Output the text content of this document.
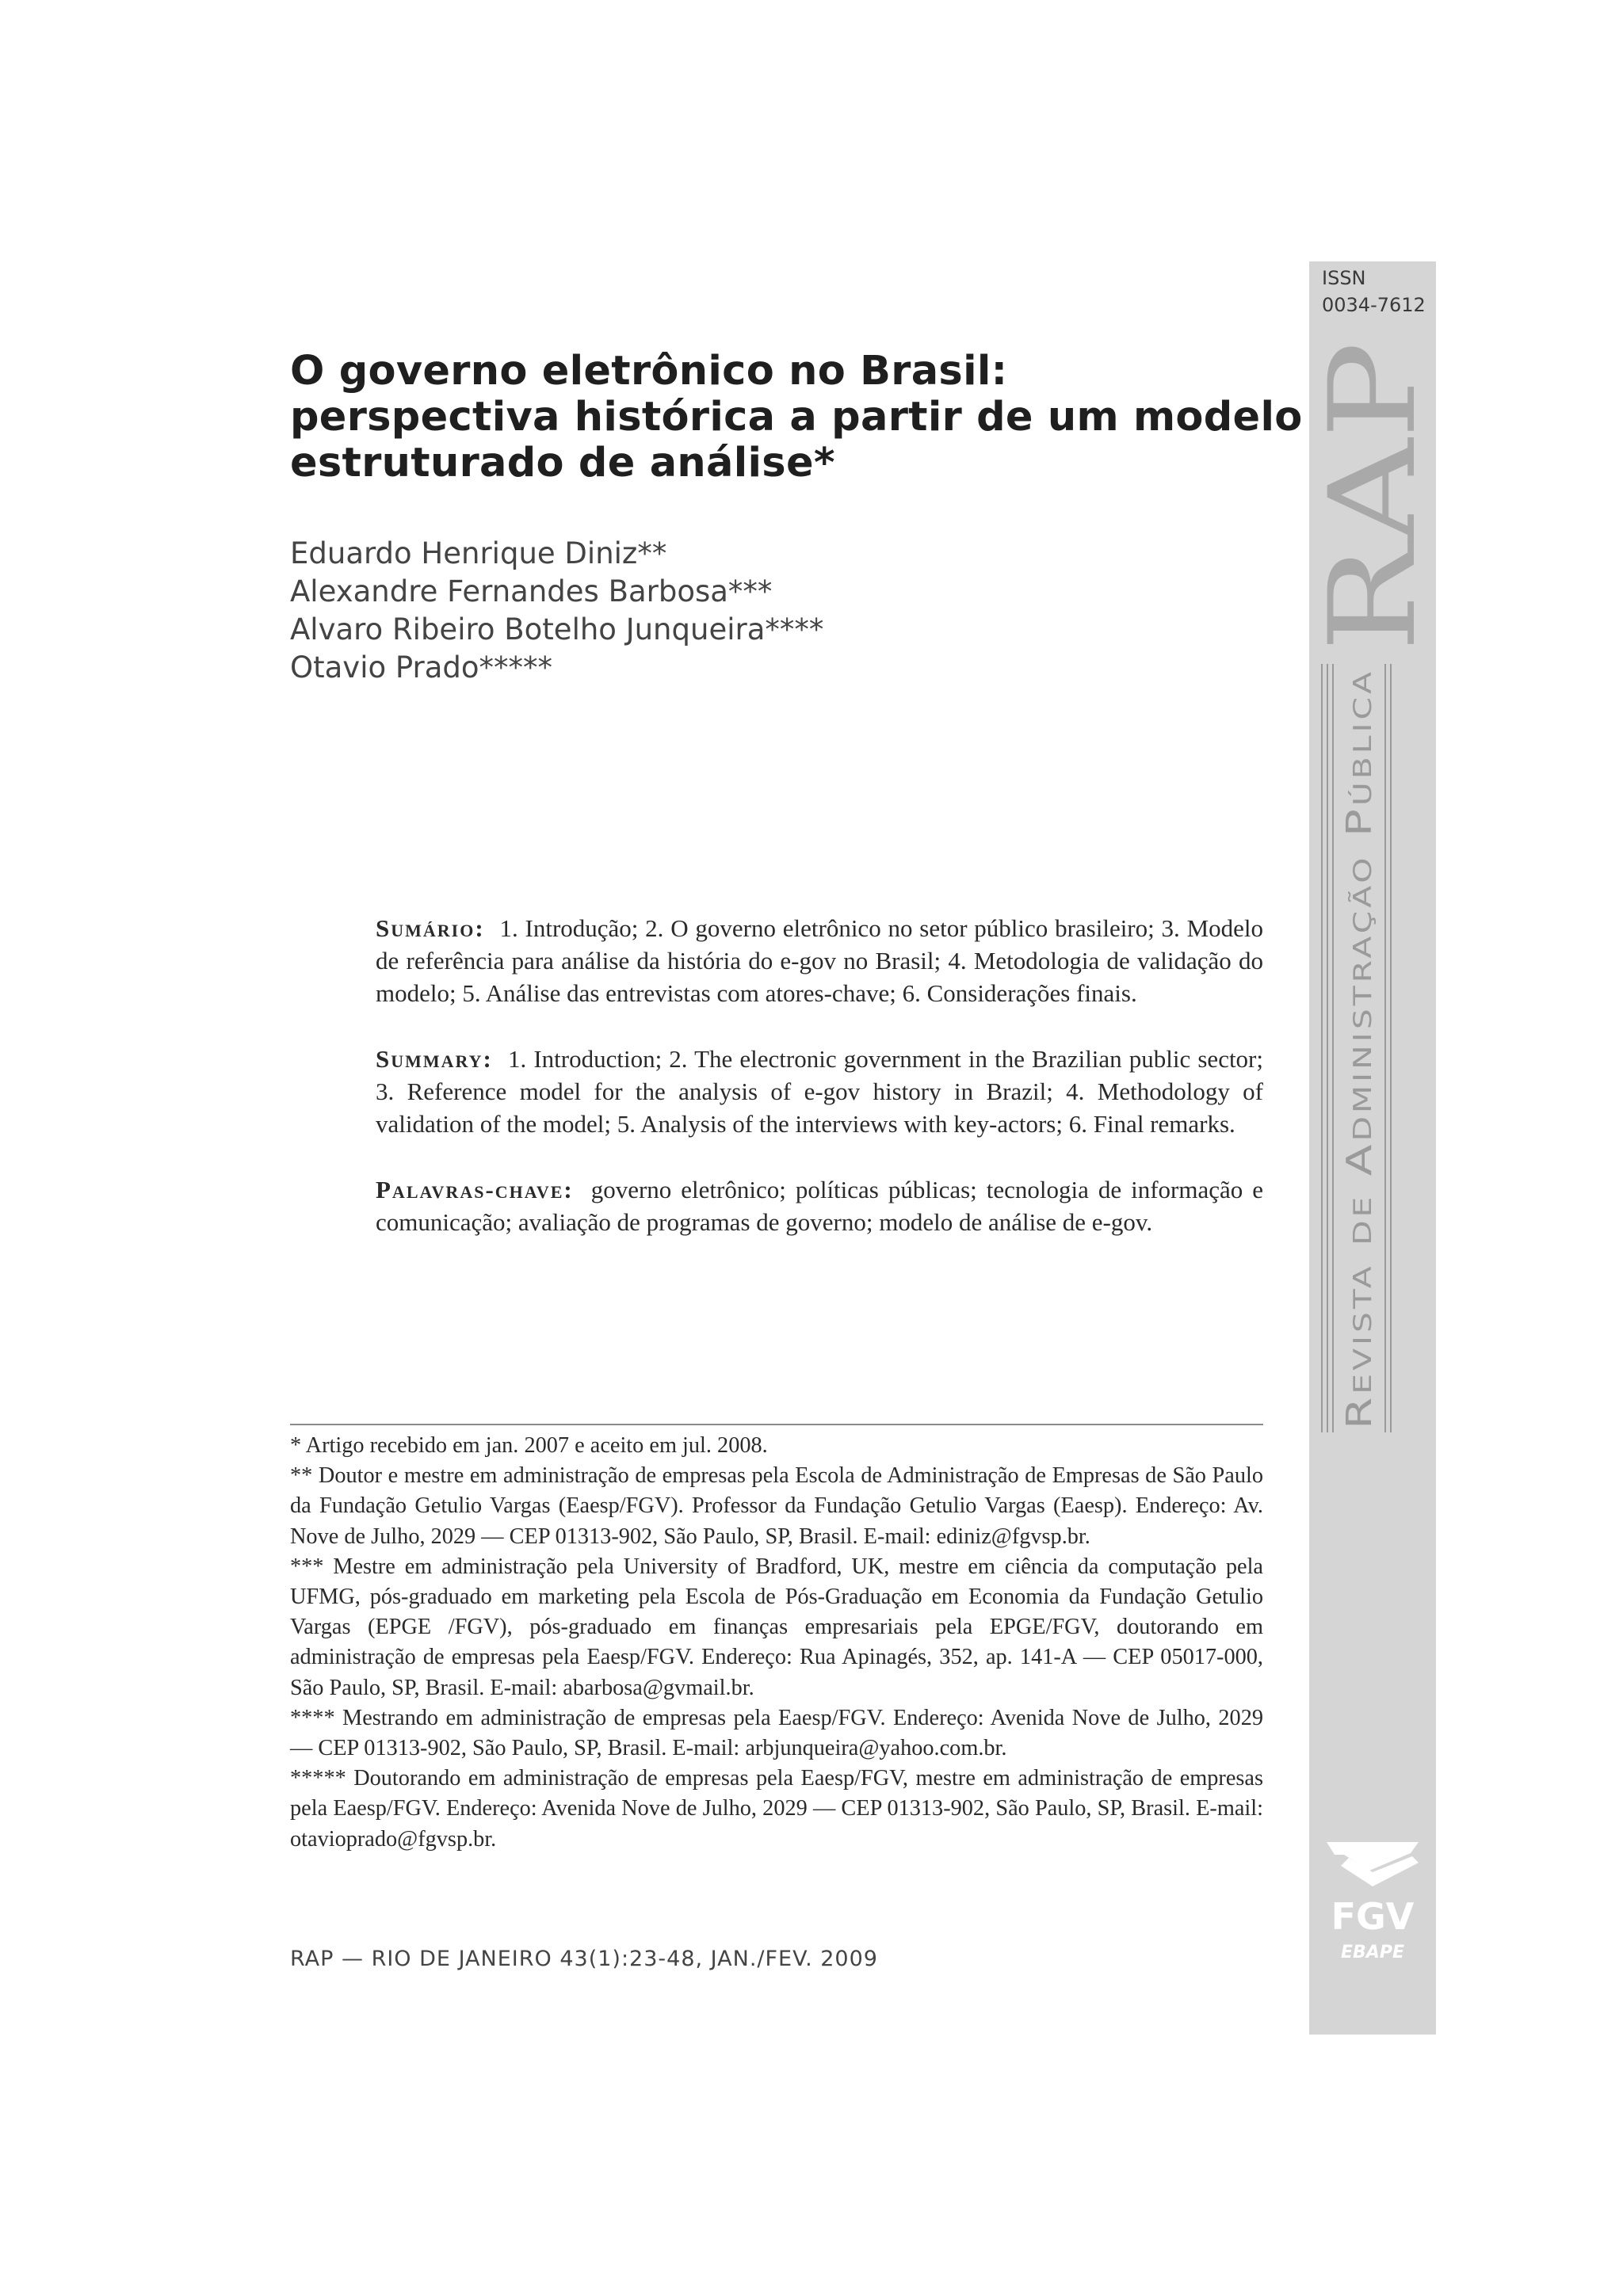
O governo eletrônico no Brasil:
perspectiva histórica a partir de um modelo
estruturado de análise*
Eduardo Henrique Diniz**
Alexandre Fernandes Barbosa***
Alvaro Ribeiro Botelho Junqueira****
Otavio Prado*****

Sumário: 1. Introdução; 2. O governo eletrônico no setor público brasileiro; 3. Modelo de referência para análise da história do e-gov no Brasil; 4. Metodologia de validação do modelo; 5. Análise das entrevistas com atores-chave; 6. Considerações finais.

Summary: 1. Introduction; 2. The electronic government in the Brazilian public sector; 3. Reference model for the analysis of e-gov history in Brazil; 4. Methodology of validation of the model; 5. Analysis of the interviews with key-actors; 6. Final remarks.

Palavras-chave: governo eletrônico; políticas públicas; tecnologia de informação e comunicação; avaliação de programas de governo; modelo de análise de e-gov.

* Artigo recebido em jan. 2007 e aceito em jul. 2008.

** Doutor e mestre em administração de empresas pela Escola de Administração de Empresas de São Paulo da Fundação Getulio Vargas (Eaesp/FGV). Professor da Fundação Getulio Vargas (Eaesp). Endereço: Av. Nove de Julho, 2029 — CEP 01313-902, São Paulo, SP, Brasil. E-mail: ediniz@fgvsp.br.

*** Mestre em administração pela University of Bradford, UK, mestre em ciência da computação pela UFMG, pós-graduado em marketing pela Escola de Pós-Graduação em Economia da Fundação Getulio Vargas (EPGE /FGV), pós-graduado em finanças empresariais pela EPGE/FGV, doutorando em administração de empresas pela Eaesp/FGV. Endereço: Rua Apinagés, 352, ap. 141-A — CEP 05017-000, São Paulo, SP, Brasil. E-mail: abarbosa@gvmail.br.

**** Mestrando em administração de empresas pela Eaesp/FGV. Endereço: Avenida Nove de Julho, 2029 — CEP 01313-902, São Paulo, SP, Brasil. E-mail: arbjunqueira@yahoo.com.br.

***** Doutorando em administração de empresas pela Eaesp/FGV, mestre em administração de empresas pela Eaesp/FGV. Endereço: Avenida Nove de Julho, 2029 — CEP 01313-902, São Paulo, SP, Brasil. E-mail: otavioprado@fgvsp.br.

RAP — RIO DE JANEIRO 43(1):23-48, JAN./FEV. 2009
ISSN
0034-7612
RAP
Revista de Administração Pública
FGV
EBAPE
